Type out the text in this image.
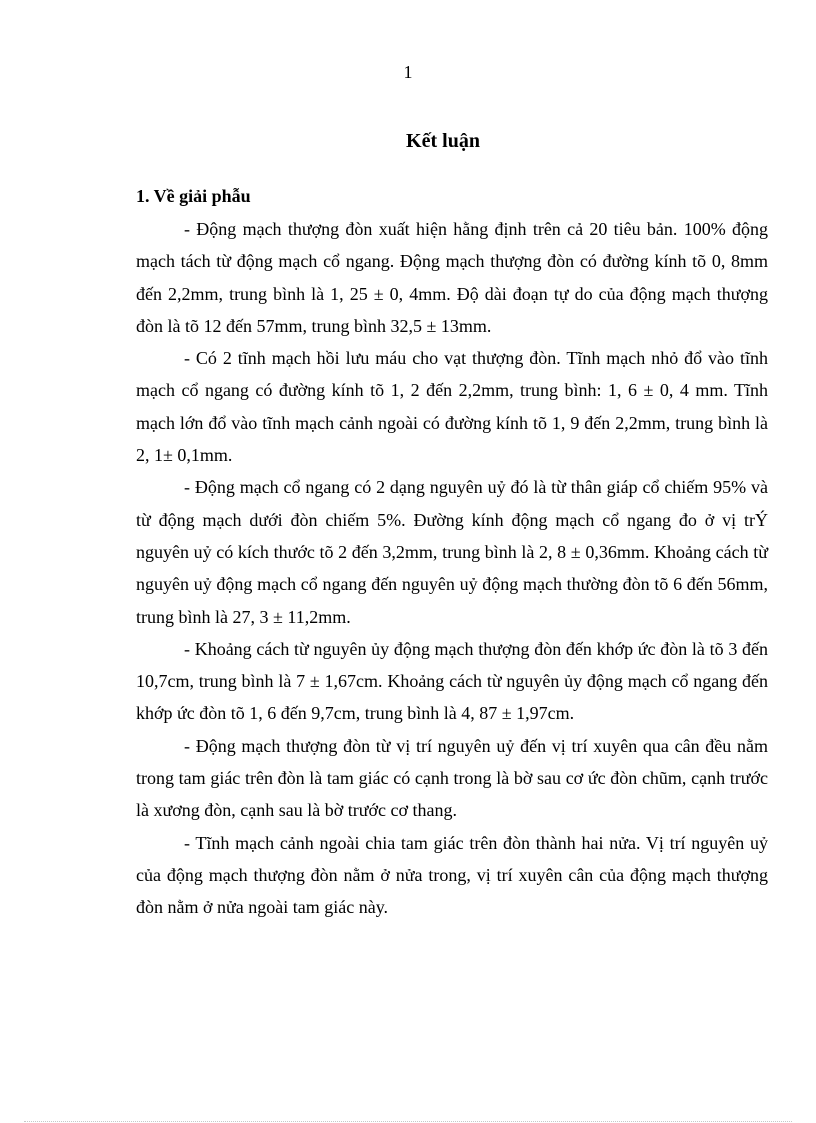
1
Kết luận
1. Về giải phẫu

- Động mạch thượng đòn xuất hiện hằng định trên cả 20 tiêu bản. 100% động mạch tách từ động mạch cổ ngang. Động mạch thượng đòn có đường kính tõ 0, 8mm đến 2,2mm, trung bình là 1, 25 ± 0, 4mm. Độ dài đoạn tự do của động mạch thượng đòn là tõ 12 đến 57mm, trung bình 32,5 ± 13mm.

- Có 2 tĩnh mạch hồi lưu máu cho vạt thượng đòn. Tĩnh mạch nhỏ đổ vào tĩnh mạch cổ ngang có đường kính tõ 1, 2 đến 2,2mm, trung bình: 1, 6 ± 0, 4 mm. Tĩnh mạch lớn đổ vào tĩnh mạch cảnh ngoài có đường kính tõ 1, 9 đến 2,2mm, trung bình là 2, 1± 0,1mm.

- Động mạch cổ ngang có 2 dạng nguyên uỷ đó là từ thân giáp cổ chiếm 95% và từ động mạch dưới đòn chiếm 5%. Đường kính động mạch cổ ngang đo ở vị trÝ nguyên uỷ có kích thước tõ 2 đến 3,2mm, trung bình là 2, 8 ± 0,36mm. Khoảng cách từ nguyên uỷ động mạch cổ ngang đến nguyên uỷ động mạch thường đòn tõ 6 đến 56mm, trung bình là 27, 3 ± 11,2mm.

- Khoảng cách từ nguyên ủy động mạch thượng đòn đến khớp ức đòn là tõ 3 đến 10,7cm, trung bình là 7 ± 1,67cm. Khoảng cách từ nguyên ủy động mạch cổ ngang đến khớp ức đòn tõ 1, 6 đến 9,7cm, trung bình là 4, 87 ± 1,97cm.

- Động mạch thượng đòn từ vị trí nguyên uỷ đến vị trí xuyên qua cân đều nằm trong tam giác trên đòn là tam giác có cạnh trong là bờ sau cơ ức đòn chũm, cạnh trước là xương đòn, cạnh sau là bờ trước cơ thang.

- Tĩnh mạch cảnh ngoài chia tam giác trên đòn thành hai nửa. Vị trí nguyên uỷ của động mạch thượng đòn nằm ở nửa trong, vị trí xuyên cân của động mạch thượng đòn nằm ở nửa ngoài tam giác này.
